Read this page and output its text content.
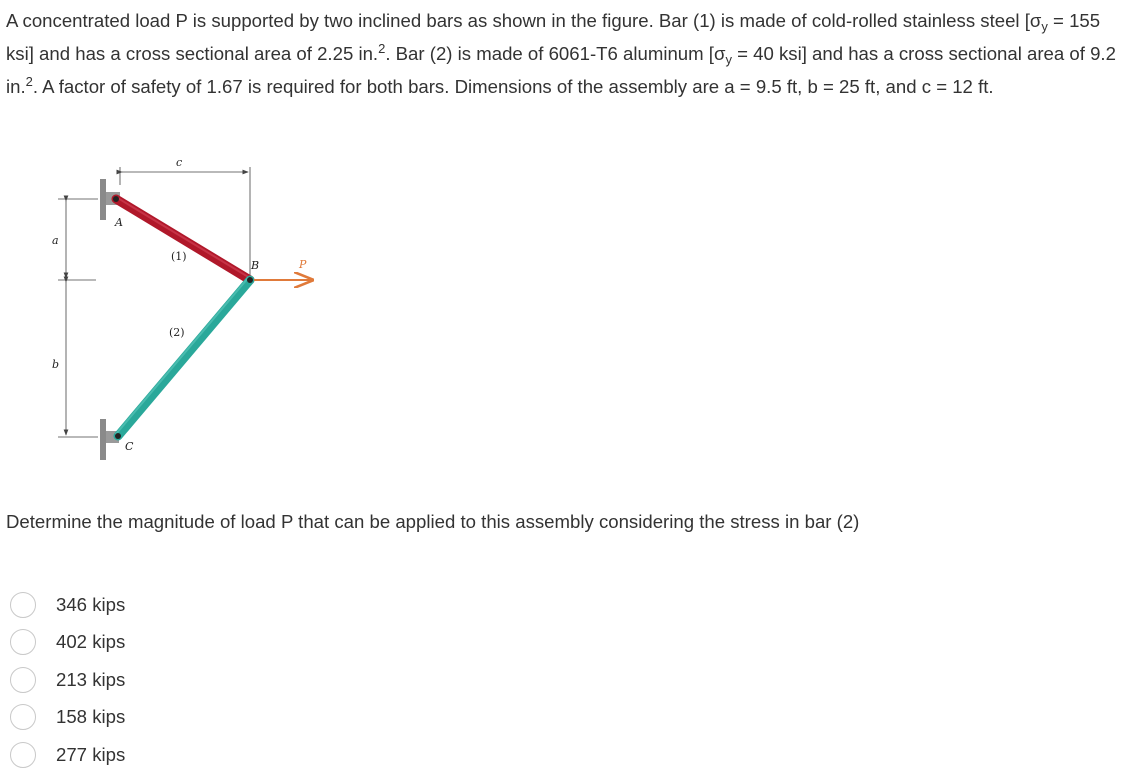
A concentrated load P is supported by two inclined bars as shown in the figure. Bar (1) is made of cold-rolled stainless steel [$\sigma_y = 155$ ksi] and has a cross sectional area of 2.25 in.$^2$. Bar (2) is made of 6061-T6 aluminum [$\sigma_y = 40$ ksi] and has a cross sectional area of 9.2 in.$^2$. A factor of safety of 1.67 is required for both bars. Dimensions of the assembly are a = 9.5 ft, b = 25 ft, and c = 12 ft.
c
a
b
A
B
C
P
(1)
(2)
Determine the magnitude of load P that can be applied to this assembly considering the stress in bar (2)
346 kips
402 kips
213 kips
158 kips
277 kips
